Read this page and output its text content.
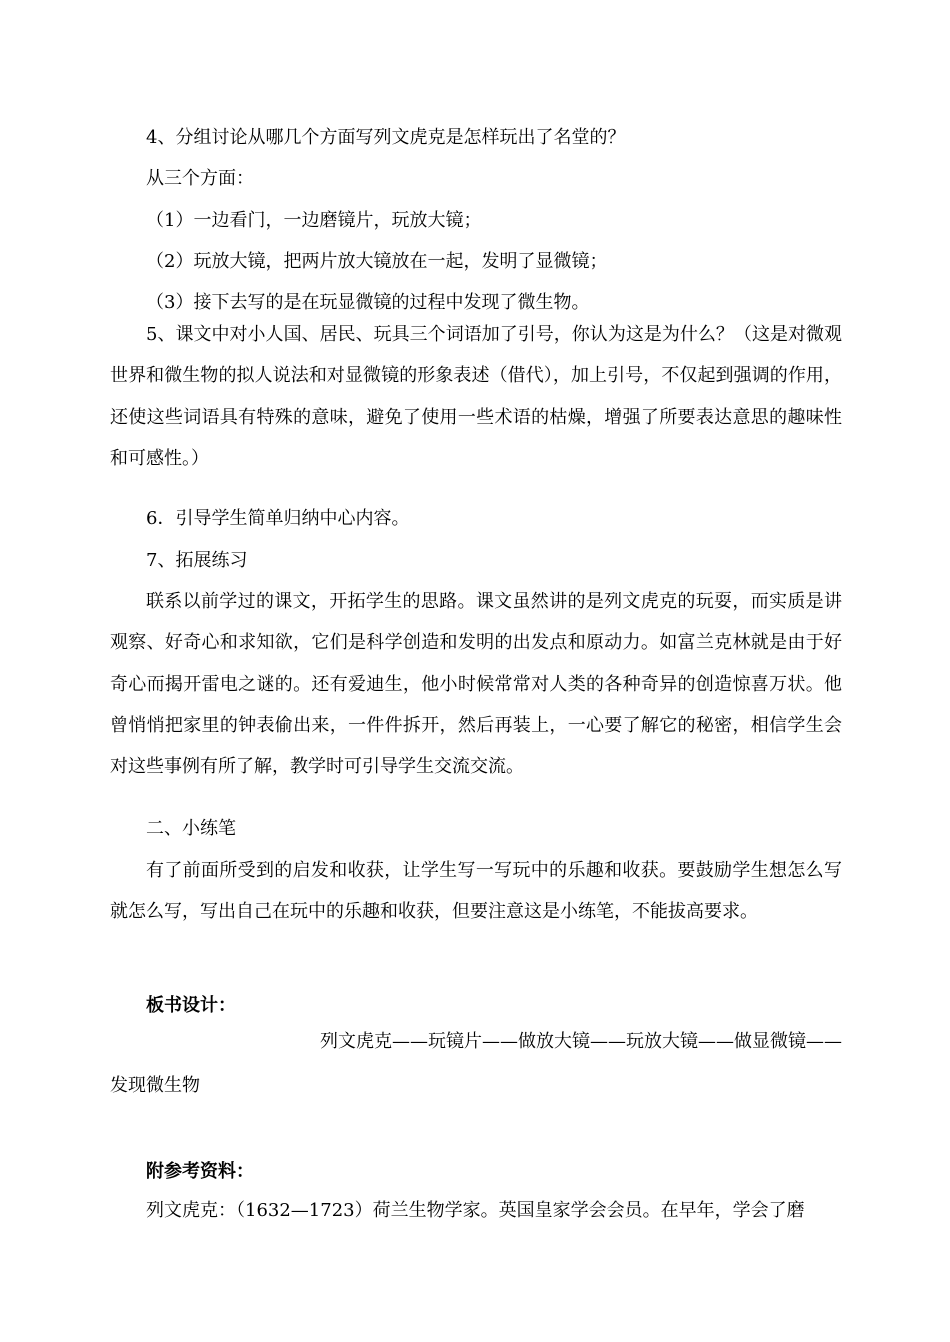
4、分组讨论从哪几个方面写列文虎克是怎样玩出了名堂的？
从三个方面：
（1）一边看门，一边磨镜片，玩放大镜；
（2）玩放大镜，把两片放大镜放在一起，发明了显微镜；
（3）接下去写的是在玩显微镜的过程中发现了微生物。

5、课文中对小人国、居民、玩具三个词语加了引号，你认为这是为什么？（这是对微观世界和微生物的拟人说法和对显微镜的形象表述（借代），加上引号，不仅起到强调的作用，还使这些词语具有特殊的意味，避免了使用一些术语的枯燥，增强了所要表达意思的趣味性和可感性。）

6．引导学生简单归纳中心内容。

7、拓展练习

联系以前学过的课文，开拓学生的思路。课文虽然讲的是列文虎克的玩耍，而实质是讲观察、好奇心和求知欲，它们是科学创造和发明的出发点和原动力。如富兰克林就是由于好奇心而揭开雷电之谜的。还有爱迪生，他小时候常常对人类的各种奇异的创造惊喜万状。他曾悄悄把家里的钟表偷出来，一件件拆开，然后再装上，一心要了解它的秘密，相信学生会对这些事例有所了解，教学时可引导学生交流交流。

二、小练笔

有了前面所受到的启发和收获，让学生写一写玩中的乐趣和收获。要鼓励学生想怎么写就怎么写，写出自己在玩中的乐趣和收获，但要注意这是小练笔，不能拔高要求。

板书设计：

列文虎克——玩镜片——做放大镜——玩放大镜——做显微镜——

发现微生物

附参考资料：

列文虎克：（1632—1723）荷兰生物学家。英国皇家学会会员。在早年，学会了磨
